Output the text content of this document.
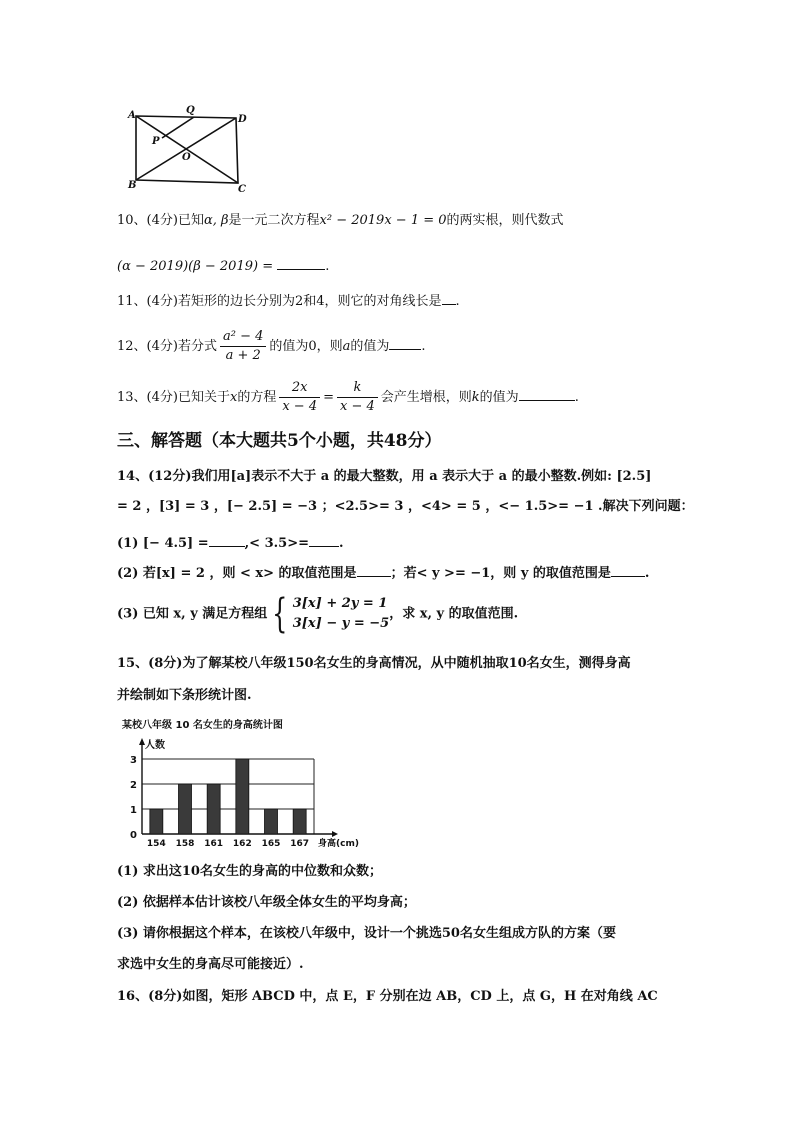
A	Q
D
P
O
B	C
10、(4分)已知α, β是一元二次方程x² − 2019x − 1 = 0的两实根，则代数式
(α − 2019)(β − 2019) =	.
11、(4分)若矩形的边长分别为2和4，则它的对角线长是 .
12、(4分)若分式 $\frac{\text{a² − 4}}{a + 2}$ 的值为0，则a的值为 .
13、(4分)已知关于x的方程 $\frac{2x}{x - 4} = \frac{k}{x - 4}$ 会产生增根，则k的值为	.
三、解答题（本大题共5个小题，共48分）
14、(12分)我们用[a]表示不大于 a 的最大整数，用 a 表示大于 a 的最小整数.例如: [2.5]
= 2 ，[3] = 3 ，[− 2.5] = −3 ；<2.5>= 3 ，<4> = 5 ，<− 1.5>= −1 .解决下列问题：
(1) [− 4.5] =	,< 3.5>= .
(2) 若[x] = 2 ，则 < x> 的取值范围是	；若< y >= −1，则 y 的取值范围是	.
(3) 已知 x, y 满足方程组 { 3[x] + 2y = 1
3[x] − y = −5
，求 x, y 的取值范围.
15、(8分)为了解某校八年级150名女生的身高情况，从中随机抽取10名女生，测得身高
并绘制如下条形统计图.
某校八年级 10 名女生的身高统计图
人数
0
1
2
3
154 158 161 162 165 167 身高(cm)
(1) 求出这10名女生的身高的中位数和众数；
(2) 依据样本估计该校八年级全体女生的平均身高；
(3) 请你根据这个样本，在该校八年级中，设计一个挑选50名女生组成方队的方案（要
求选中女生的身高尽可能接近）.
16、(8分)如图，矩形 ABCD 中，点 E，F 分别在边 AB，CD 上，点 G，H 在对角线 AC
